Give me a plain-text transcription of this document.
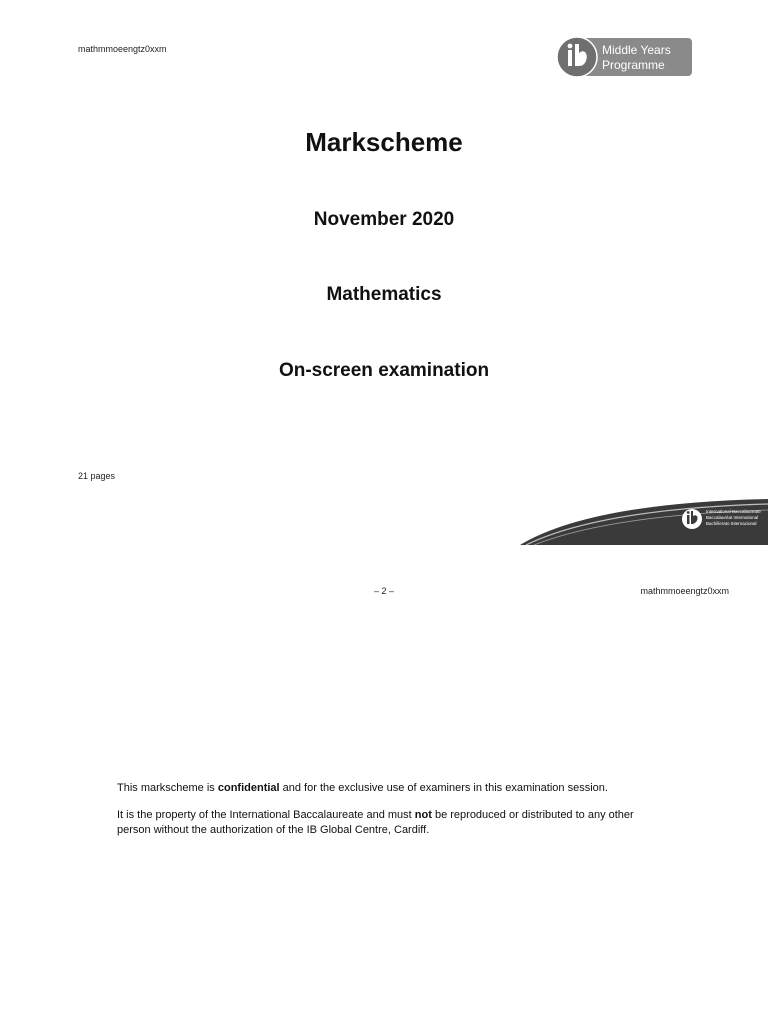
mathmmoeengtz0xxm	Middle Years
Programme
Markscheme
November 2020
Mathematics
On-screen examination
21 pages
International Baccalaureate
Baccalauréat International
Bachillerato Internacional
– 2 –	mathmmoeengtz0xxm

This markscheme is confidential and for the exclusive use of examiners in this examination session.

It is the property of the International Baccalaureate and must not be reproduced or distributed to any other person without the authorization of the IB Global Centre, Cardiff.
